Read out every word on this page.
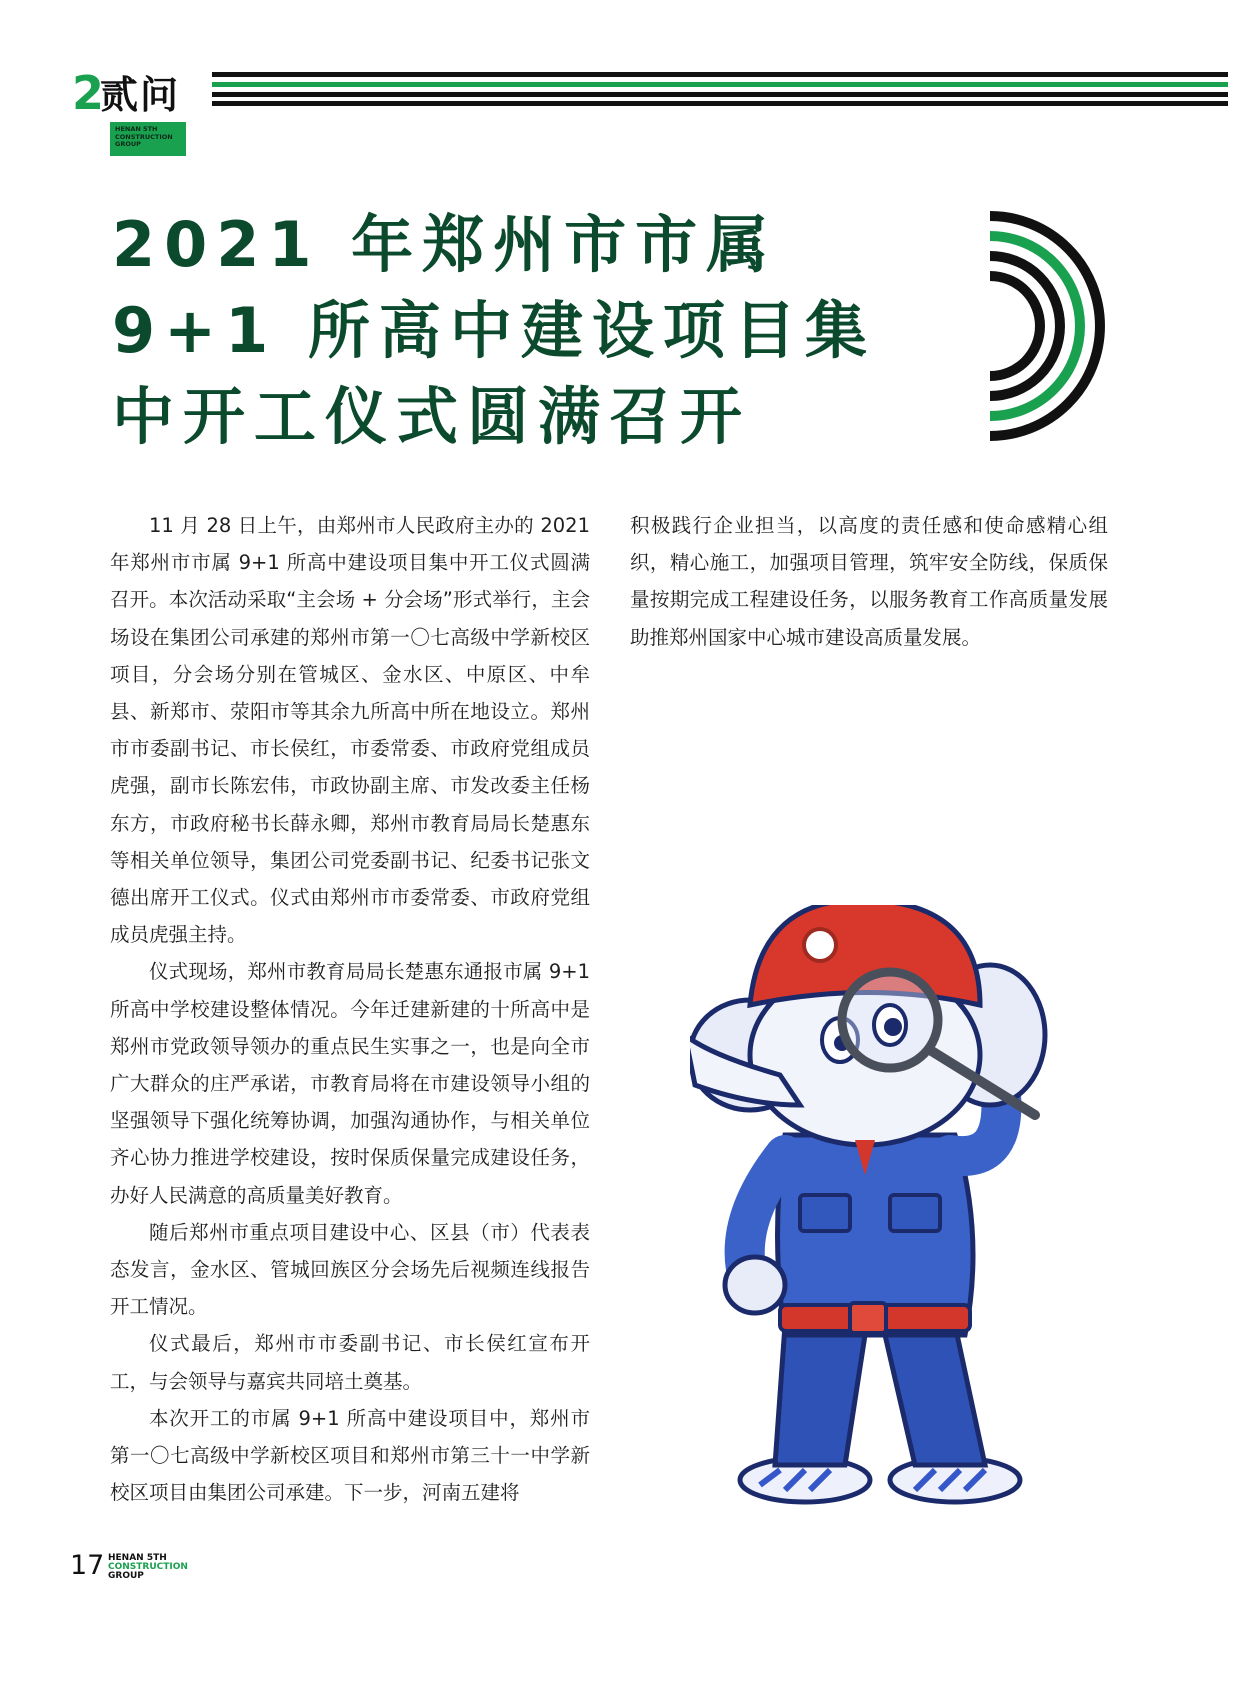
2
贰问
HENAN 5TH
CONSTRUCTION
GROUP
2021 年郑州市市属 9+1 所高中建设项目集中开工仪式圆满召开

11 月 28 日上午，由郑州市人民政府主办的 2021 年郑州市市属 9+1 所高中建设项目集中开工仪式圆满召开。本次活动采取“主会场 + 分会场”形式举行，主会场设在集团公司承建的郑州市第一〇七高级中学新校区项目，分会场分别在管城区、金水区、中原区、中牟县、新郑市、荥阳市等其余九所高中所在地设立。郑州市市委副书记、市长侯红，市委常委、市政府党组成员虎强，副市长陈宏伟，市政协副主席、市发改委主任杨东方，市政府秘书长薛永卿，郑州市教育局局长楚惠东等相关单位领导，集团公司党委副书记、纪委书记张文德出席开工仪式。仪式由郑州市市委常委、市政府党组成员虎强主持。

仪式现场，郑州市教育局局长楚惠东通报市属 9+1 所高中学校建设整体情况。今年迁建新建的十所高中是郑州市党政领导领办的重点民生实事之一，也是向全市广大群众的庄严承诺，市教育局将在市建设领导小组的坚强领导下强化统筹协调，加强沟通协作，与相关单位齐心协力推进学校建设，按时保质保量完成建设任务，办好人民满意的高质量美好教育。

随后郑州市重点项目建设中心、区县（市）代表表态发言，金水区、管城回族区分会场先后视频连线报告开工情况。

仪式最后，郑州市市委副书记、市长侯红宣布开工，与会领导与嘉宾共同培土奠基。

本次开工的市属 9+1 所高中建设项目中，郑州市第一〇七高级中学新校区项目和郑州市第三十一中学新校区项目由集团公司承建。下一步，河南五建将

积极践行企业担当，以高度的责任感和使命感精心组织，精心施工，加强项目管理，筑牢安全防线，保质保量按期完成工程建设任务，以服务教育工作高质量发展助推郑州国家中心城市建设高质量发展。

17 HENAN 5TH
CONSTRUCTION
GROUP
